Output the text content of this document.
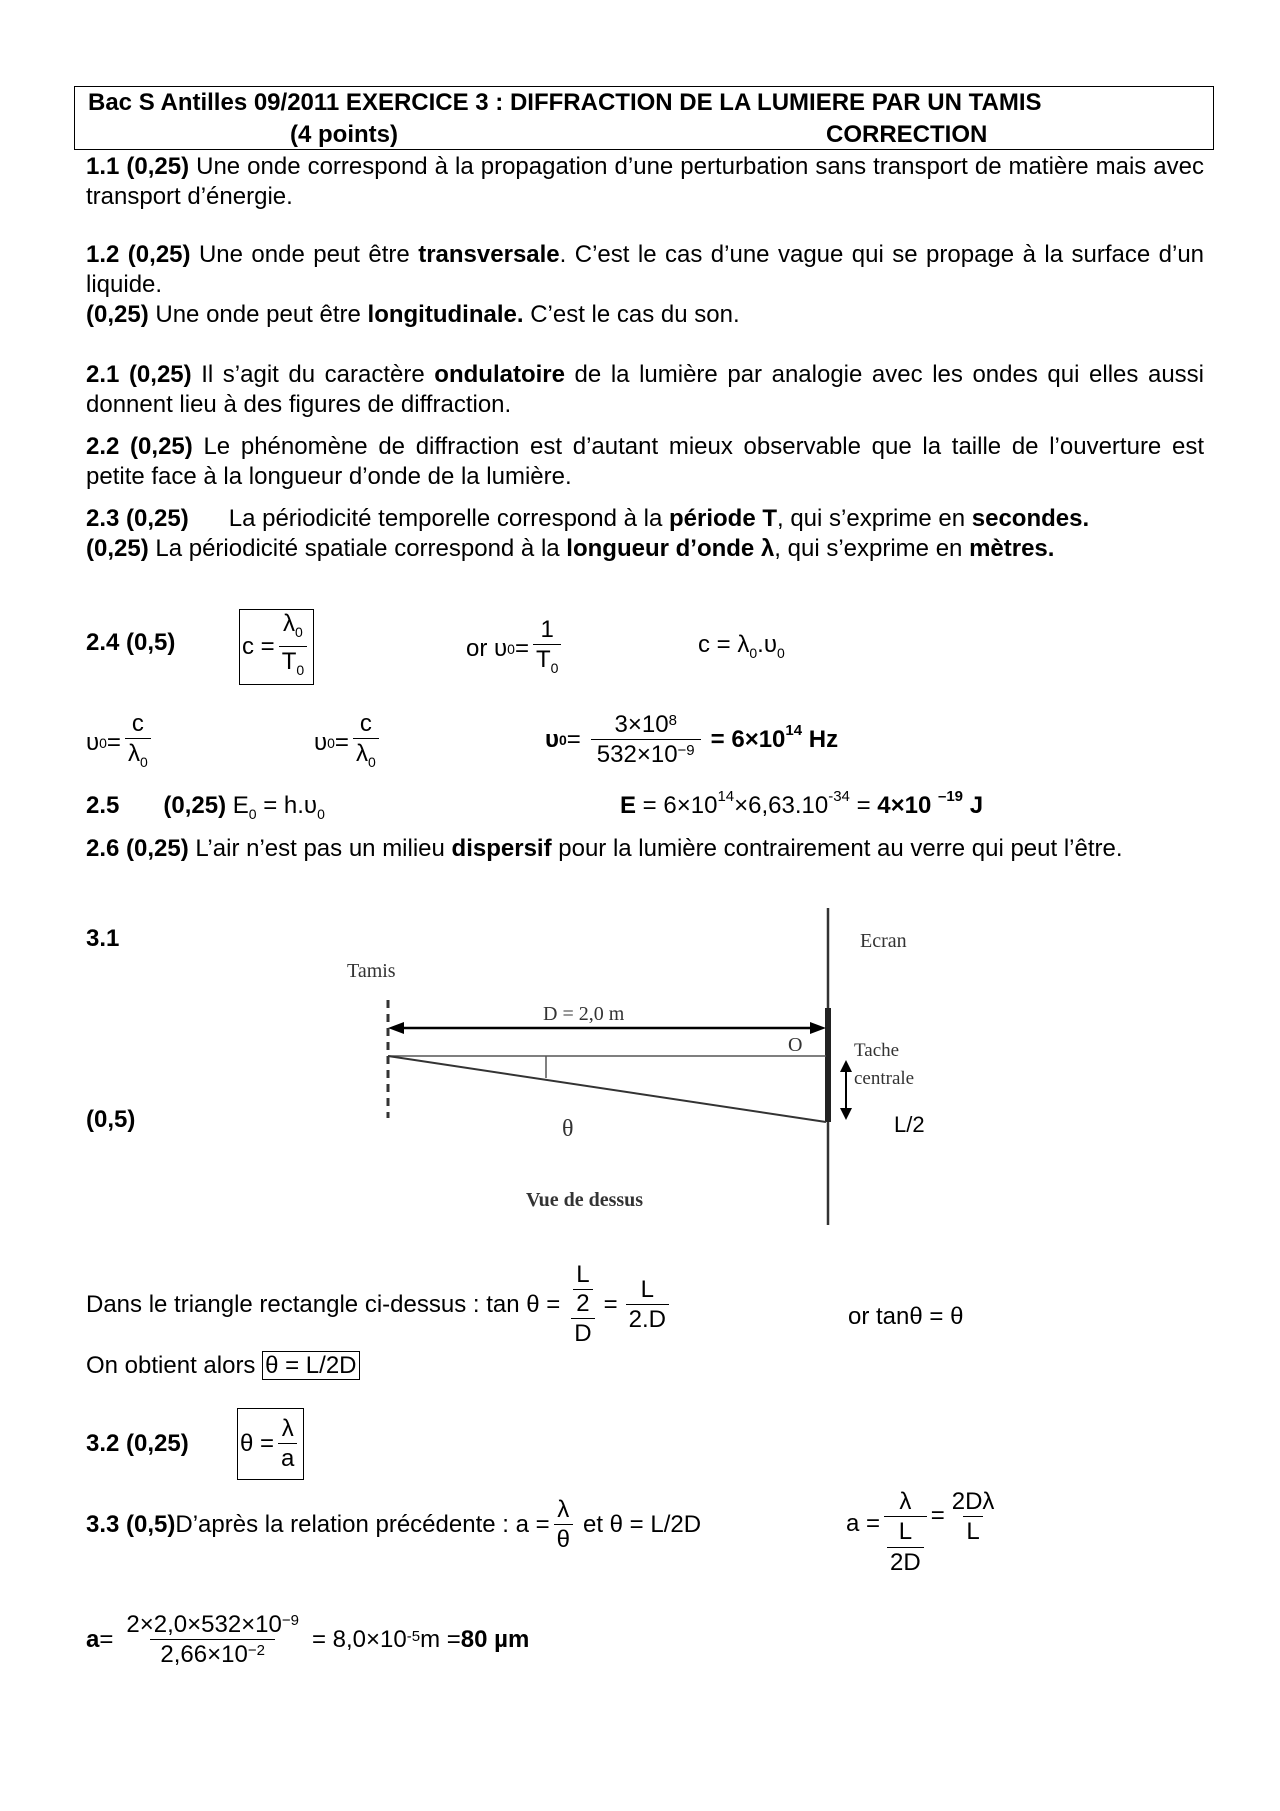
Bac S Antilles 09/2011 EXERCICE 3 : DIFFRACTION DE LA LUMIERE PAR UN TAMIS
(4 points)	CORRECTION
1.1 (0,25) Une onde correspond à la propagation d’une perturbation sans transport de matière mais avec transport d’énergie.
1.2 (0,25) Une onde peut être transversale. C’est le cas d’une vague qui se propage à la surface d’un liquide.
(0,25) Une onde peut être longitudinale. C’est le cas du son.
2.1 (0,25) Il s’agit du caractère ondulatoire de la lumière par analogie avec les ondes qui elles aussi donnent lieu à des figures de diffraction.
2.2 (0,25) Le phénomène de diffraction est d’autant mieux observable que la taille de l’ouverture est petite face à la longueur d’onde de la lumière.
2.3 (0,25) La périodicité temporelle correspond à la période T, qui s’exprime en secondes.
(0,25) La périodicité spatiale correspond à la longueur d’onde λ, qui s’exprime en mètres.
2.4 (0,5)	$c = \frac{\lambda_0}{T_0}$	or υ $0 = \frac{1}{T_0}$	$c = \lambda_0.\upsilon_0$
υ $0 = \frac{c}{\lambda_0}$	υ $0 = \frac{c}{\lambda_0}$	υ $0 = \frac{3\times 10^8}{532\times 10^{-9}} = 6\times 10^{14}$ Hz
2.5 (0,25) $E_0 = h.\upsilon_0$	$E = 6\times 10^{14}\times 6,63.10^{-34} = 4\times 10$ $^{-19}$ J
2.6 (0,25) L’air n’est pas un milieu dispersif pour la lumière contrairement au verre qui peut l’être.
3.1
(0,5)
Tamis
Ecran
D = 2,0 m
O	Tache
centrale
θ
Vue de dessus
L/2
Dans le triangle rectangle ci-dessus : tan θ = L
2
$D = \frac{L}{2.D}$	or tanθ = θ
On obtient alors θ = L/2D
3.2 (0,25) $\theta = \frac{\lambda}{a}$
3.3 (0,5) D’après la relation précédente : $a = \frac{\lambda}{\theta}$ et θ = L/2D	a = λ
L
$2D = \frac{2D\lambda}{L}$
$a = \frac{2\times 2,0\times 532\times 10^{-9}}{2,66\times 10^{-2}} = 8,0\times 10^{-5}$ m = 80 µm
